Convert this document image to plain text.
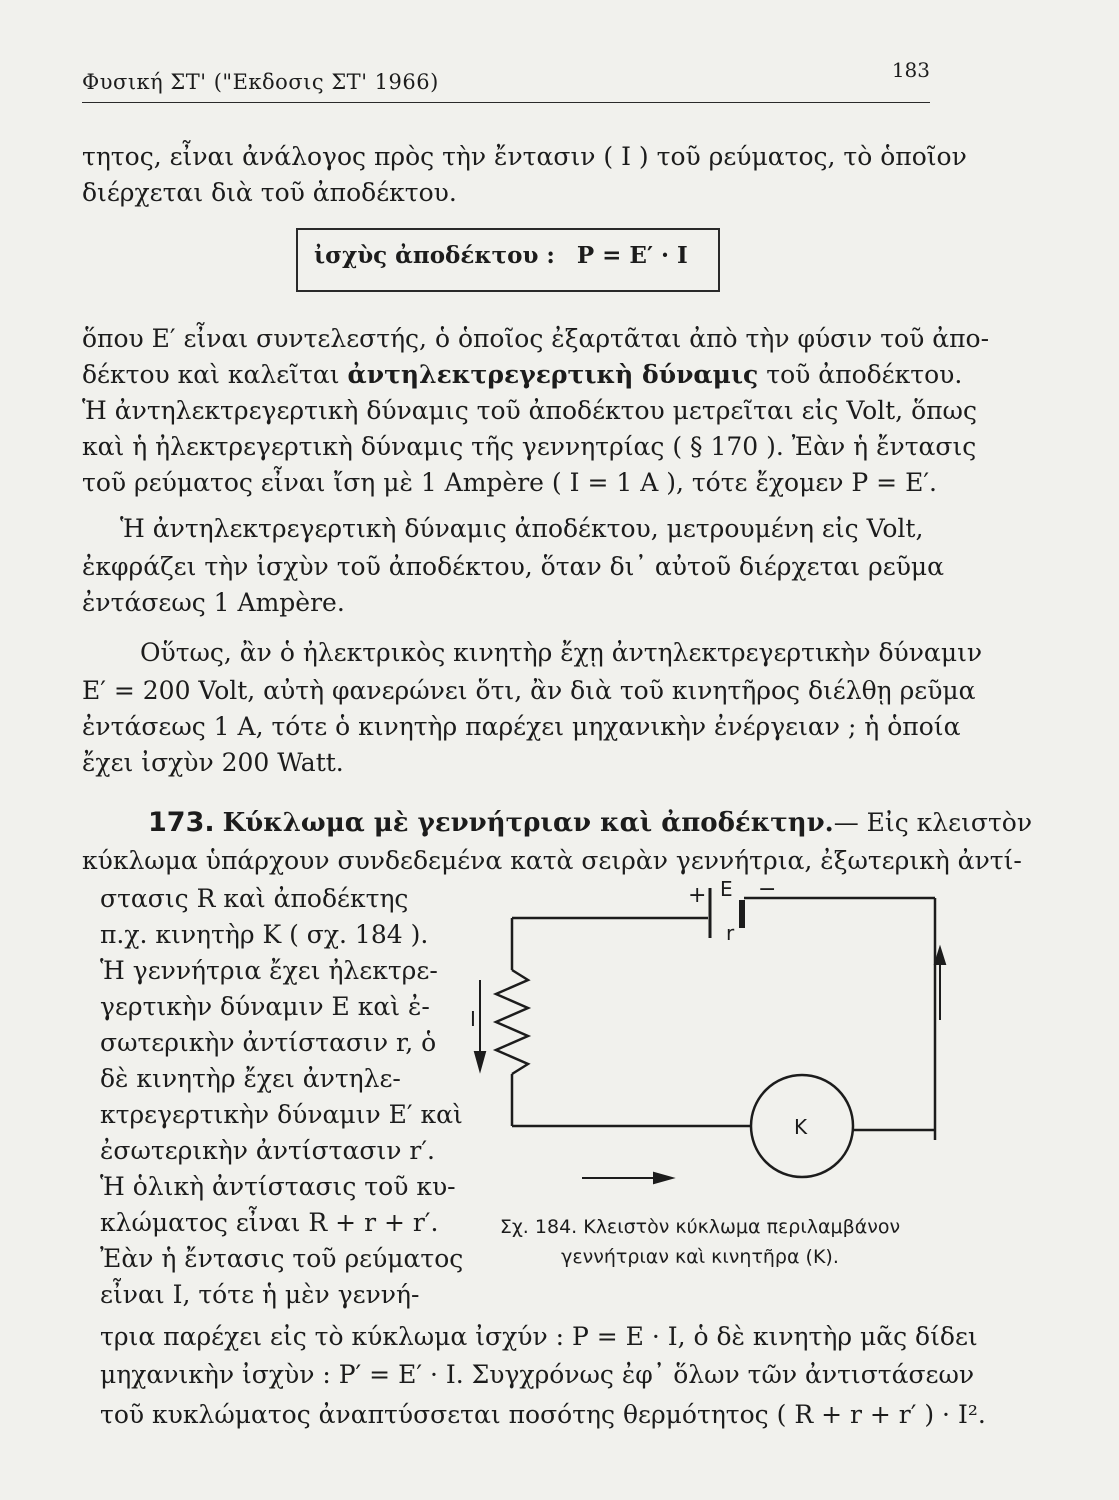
Φυσική ΣΤ' ("Εκδοσις ΣΤ' 1966)	183
τητος, εἶναι ἀνάλογος πρὸς τὴν ἔντασιν ( Ι ) τοῦ ρεύματος, τὸ ὁποῖον
διέρχεται διὰ τοῦ ἀποδέκτου.
ἰσχὺς ἀποδέκτου : P = E′ · I
ὅπου E′ εἶναι συντελεστής, ὁ ὁποῖος ἐξαρτᾶται ἀπὸ τὴν φύσιν τοῦ ἀπο-
δέκτου καὶ καλεῖται ἀντηλεκτρεγερτικὴ δύναμις τοῦ ἀποδέκτου.
Ἡ ἀντηλεκτρεγερτικὴ δύναμις τοῦ ἀποδέκτου μετρεῖται εἰς Volt, ὅπως
καὶ ἡ ἠλεκτρεγερτικὴ δύναμις τῆς γεννητρίας ( § 170 ). Ἐὰν ἡ ἔντασις
τοῦ ρεύματος εἶναι ἴση μὲ 1 Ampère ( I = 1 A ), τότε ἔχομεν P = E′.
Ἡ ἀντηλεκτρεγερτικὴ δύναμις ἀποδέκτου, μετρουμένη εἰς Volt,
ἐκφράζει τὴν ἰσχὺν τοῦ ἀποδέκτου, ὅταν δι᾽ αὐτοῦ διέρχεται ρεῦμα
ἐντάσεως 1 Ampère.
Οὕτως, ἂν ὁ ἠλεκτρικὸς κινητὴρ ἔχῃ ἀντηλεκτρεγερτικὴν δύναμιν
E′ = 200 Volt, αὐτὴ φανερώνει ὅτι, ἂν διὰ τοῦ κινητῆρος διέλθῃ ρεῦμα
ἐντάσεως 1 A, τότε ὁ κινητὴρ παρέχει μηχανικὴν ἐνέργειαν ; ἡ ὁποία
ἔχει ἰσχὺν 200 Watt.
173. Κύκλωμα μὲ γεννήτριαν καὶ ἀποδέκτην.— Εἰς κλειστὸν
κύκλωμα ὑπάρχουν συνδεδεμένα κατὰ σειρὰν γεννήτρια, ἐξωτερικὴ ἀντί-
στασις R καὶ ἀποδέκτης
π.χ. κινητὴρ K ( σχ. 184 ).
Ἡ γεννήτρια ἔχει ἠλεκτρε-
γερτικὴν δύναμιν E καὶ ἐ-
σωτερικὴν ἀντίστασιν r, ὁ
δὲ κινητὴρ ἔχει ἀντηλε-
κτρεγερτικὴν δύναμιν E′ καὶ
ἐσωτερικὴν ἀντίστασιν r′.
Ἡ ὁλικὴ ἀντίστασις τοῦ κυ-
κλώματος εἶναι R + r + r′.
Ἐὰν ἡ ἔντασις τοῦ ρεύματος
εἶναι I, τότε ἡ μὲν γεννή-
τρια παρέχει εἰς τὸ κύκλωμα ἰσχύν : P = E · I, ὁ δὲ κινητὴρ μᾶς δίδει
μηχανικὴν ἰσχὺν : P′ = E′ · I. Συγχρόνως ἐφ᾽ ὅλων τῶν ἀντιστάσεων
τοῦ κυκλώματος ἀναπτύσσεται ποσότης θερμότητος ( R + r + r′ ) · I².
+ E −
r
I
K
Σχ. 184. Κλειστὸν κύκλωμα περιλαμβάνον
γεννήτριαν καὶ κινητῆρα (K).
